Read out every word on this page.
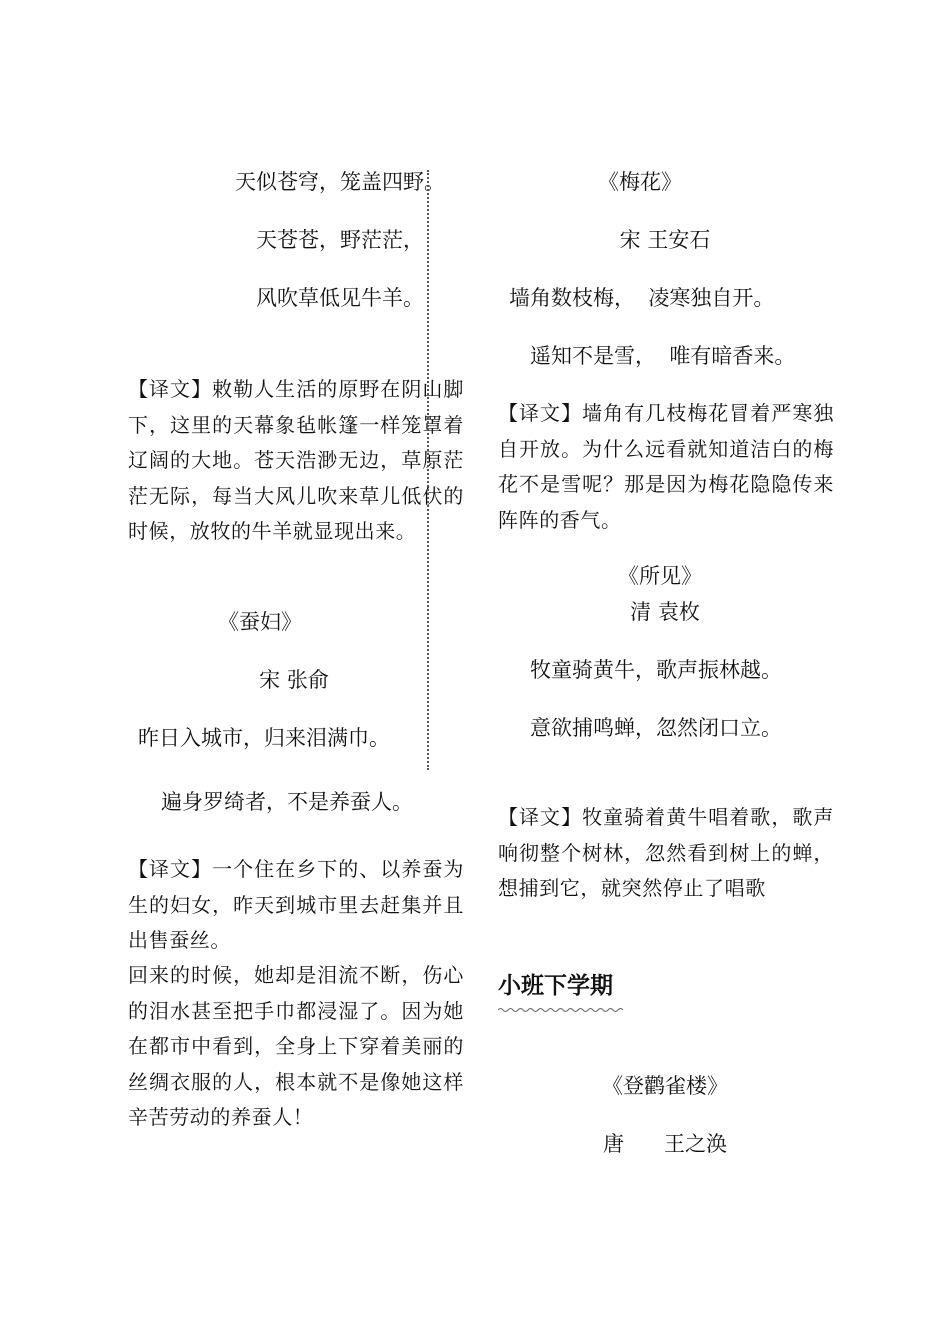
天似苍穹，笼盖四野。
天苍苍，野茫茫，
风吹草低见牛羊。
【译文】敕勒人生活的原野在阴山脚下，这里的天幕象毡帐篷一样笼罩着辽阔的大地。苍天浩渺无边，草原茫茫无际，每当大风儿吹来草儿低伏的时候，放牧的牛羊就显现出来。
《蚕妇》
宋 张俞
昨日入城市，归来泪满巾。
遍身罗绮者，不是养蚕人。
【译文】一个住在乡下的、以养蚕为生的妇女，昨天到城市里去赶集并且出售蚕丝。
回来的时候，她却是泪流不断，伤心的泪水甚至把手巾都浸湿了。因为她在都市中看到，全身上下穿着美丽的丝绸衣服的人，根本就不是像她这样辛苦劳动的养蚕人！
《梅花》
宋 王安石
墙角数枝梅，  凌寒独自开。
遥知不是雪，  唯有暗香来。
【译文】墙角有几枝梅花冒着严寒独自开放。为什么远看就知道洁白的梅花不是雪呢？那是因为梅花隐隐传来阵阵的香气。
《所见》
清 袁枚
牧童骑黄牛，歌声振林越。
意欲捕鸣蝉，忽然闭口立。
【译文】牧童骑着黄牛唱着歌，歌声响彻整个树林，忽然看到树上的蝉，想捕到它，就突然停止了唱歌
小班下学期
《登鹳雀楼》
唐      王之涣
